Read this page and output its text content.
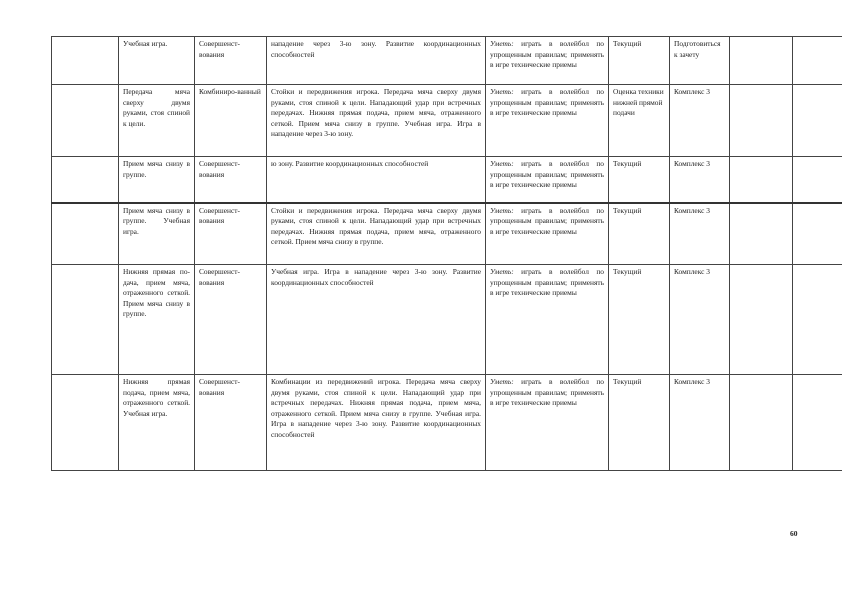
	Учебная игра.	Совершенст-вования	нападение через 3-ю зону. Развитие координационных способностей	Уметь: играть в волейбол по упрощенным правилам; применять в игре технические приемы	Текущий	Подготовиться к зачету		
	Передача мяча сверху двумя руками, стоя спиной к цели.	Комбиниро-ванный	Стойки и передвижения игрока. Передача мяча сверху двумя руками, стоя спиной к цели. Нападающий удар при встречных передачах. Нижняя прямая подача, прием мяча, отраженного сеткой. Прием мяча снизу в группе. Учебная игра. Игра в нападение через 3-ю зону.	Уметь: играть в волейбол по упрощенным правилам; применять в игре технические приемы	Оценка техники нижней прямой подачи	Комплекс 3		
	Прием мяча снизу в группе.	Совершенст-вования	ю зону. Развитие координационных способностей	Уметь: играть в волейбол по упрощенным правилам; применять в игре технические приемы	Текущий	Комплекс 3		
	Прием мяча снизу в группе. Учебная игра.	Совершенст-вования	Стойки и передвижения игрока. Передача мяча сверху двумя руками, стоя спиной к цели. Нападающий удар при встречных передачах. Нижняя прямая подача, прием мяча, отраженного сеткой. Прием мяча снизу в группе.	Уметь: играть в волейбол по упрощенным правилам; применять в игре технические приемы	Текущий	Комплекс 3		
	Нижняя прямая по-дача, прием мяча, отраженного сеткой. Прием мяча снизу в группе.	Совершенст-вования	Учебная игра. Игра в нападение через 3-ю зону. Развитие координационных способностей	Уметь: играть в волейбол по упрощенным правилам; применять в игре технические приемы	Текущий	Комплекс 3		
	Нижняя прямая подача, прием мяча, отраженного сеткой. Учебная игра.	Совершенст-вования	Комбинации из передвижений игрока. Передача мяча сверху двумя руками, стоя спиной к цели. Нападающий удар при встречных передачах. Нижняя прямая подача, прием мяча, отраженного сеткой. Прием мяча снизу в группе. Учебная игра. Игра в нападение через 3-ю зону. Развитие координационных способностей	Уметь: играть в волейбол по упрощенным правилам; применять в игре технические приемы	Текущий	Комплекс 3		
60
